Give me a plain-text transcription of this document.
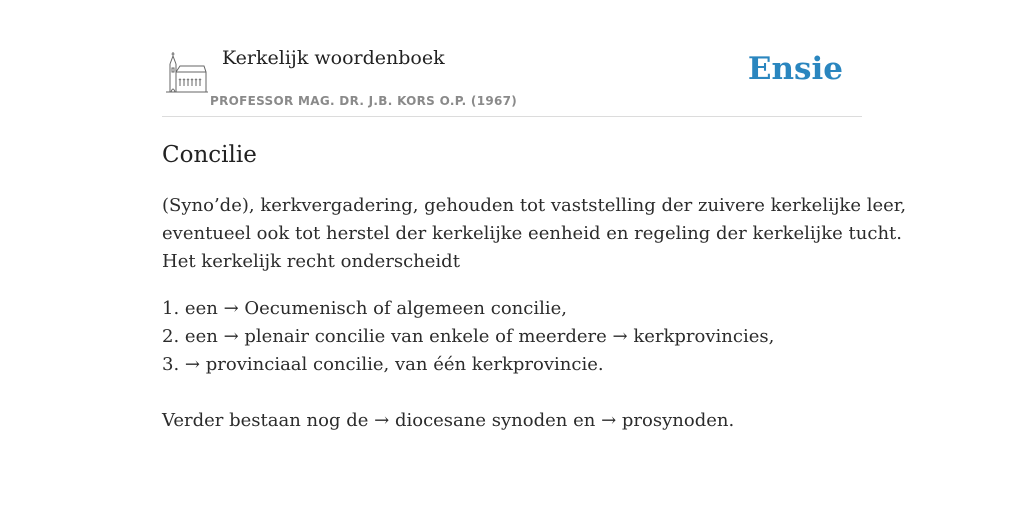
Kerkelijk woordenboek
PROFESSOR MAG. DR. J.B. KORS O.P. (1967)
Ensie
Concilie
(Syno’de), kerkvergadering, gehouden tot vaststelling der zuivere kerkelijke leer,
eventueel ook tot herstel der kerkelijke eenheid en regeling der kerkelijke tucht.
Het kerkelijk recht onderscheidt
1. een → Oecumenisch of algemeen concilie,
2. een → plenair concilie van enkele of meerdere → kerkprovincies,
3. → provinciaal concilie, van één kerkprovincie.
Verder bestaan nog de → diocesane synoden en → prosynoden.
